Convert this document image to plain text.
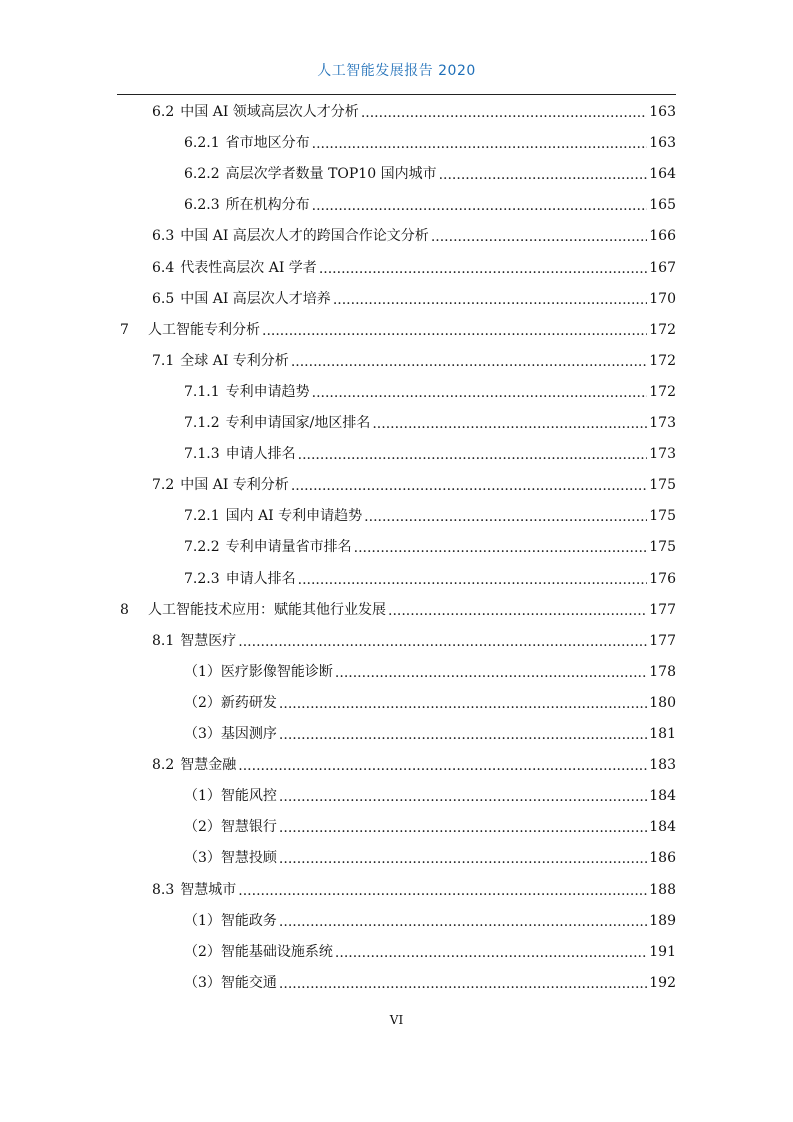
人工智能发展报告 2020
6.2 中国 AI 领域高层次人才分析 .....	163
6.2.1 省市地区分布 .....	163
6.2.2 高层次学者数量 TOP10 国内城市 .....	164
6.2.3 所在机构分布 .....	165
6.3 中国 AI 高层次人才的跨国合作论文分析 .....	166
6.4 代表性高层次 AI 学者 .....	167
6.5 中国 AI 高层次人才培养 .....	170
7	人工智能专利分析 .....	172
7.1 全球 AI 专利分析 .....	172
7.1.1 专利申请趋势 .....	172
7.1.2 专利申请国家/地区排名 .....	173
7.1.3 申请人排名 .....	173
7.2 中国 AI 专利分析 .....	175
7.2.1 国内 AI 专利申请趋势 .....	175
7.2.2 专利申请量省市排名 .....	175
7.2.3 申请人排名 .....	176
8	人工智能技术应用：赋能其他行业发展 .....	177
8.1 智慧医疗 .....	177
（1） 医疗影像智能诊断 .....	178
（2） 新药研发 .....	180
（3） 基因测序 .....	181
8.2 智慧金融 .....	183
（1） 智能风控 .....	184
（2） 智慧银行 .....	184
（3） 智慧投顾 .....	186
8.3 智慧城市 .....	188
（1） 智能政务 .....	189
（2） 智能基础设施系统 .....	191
（3） 智能交通 .....	192
VI
